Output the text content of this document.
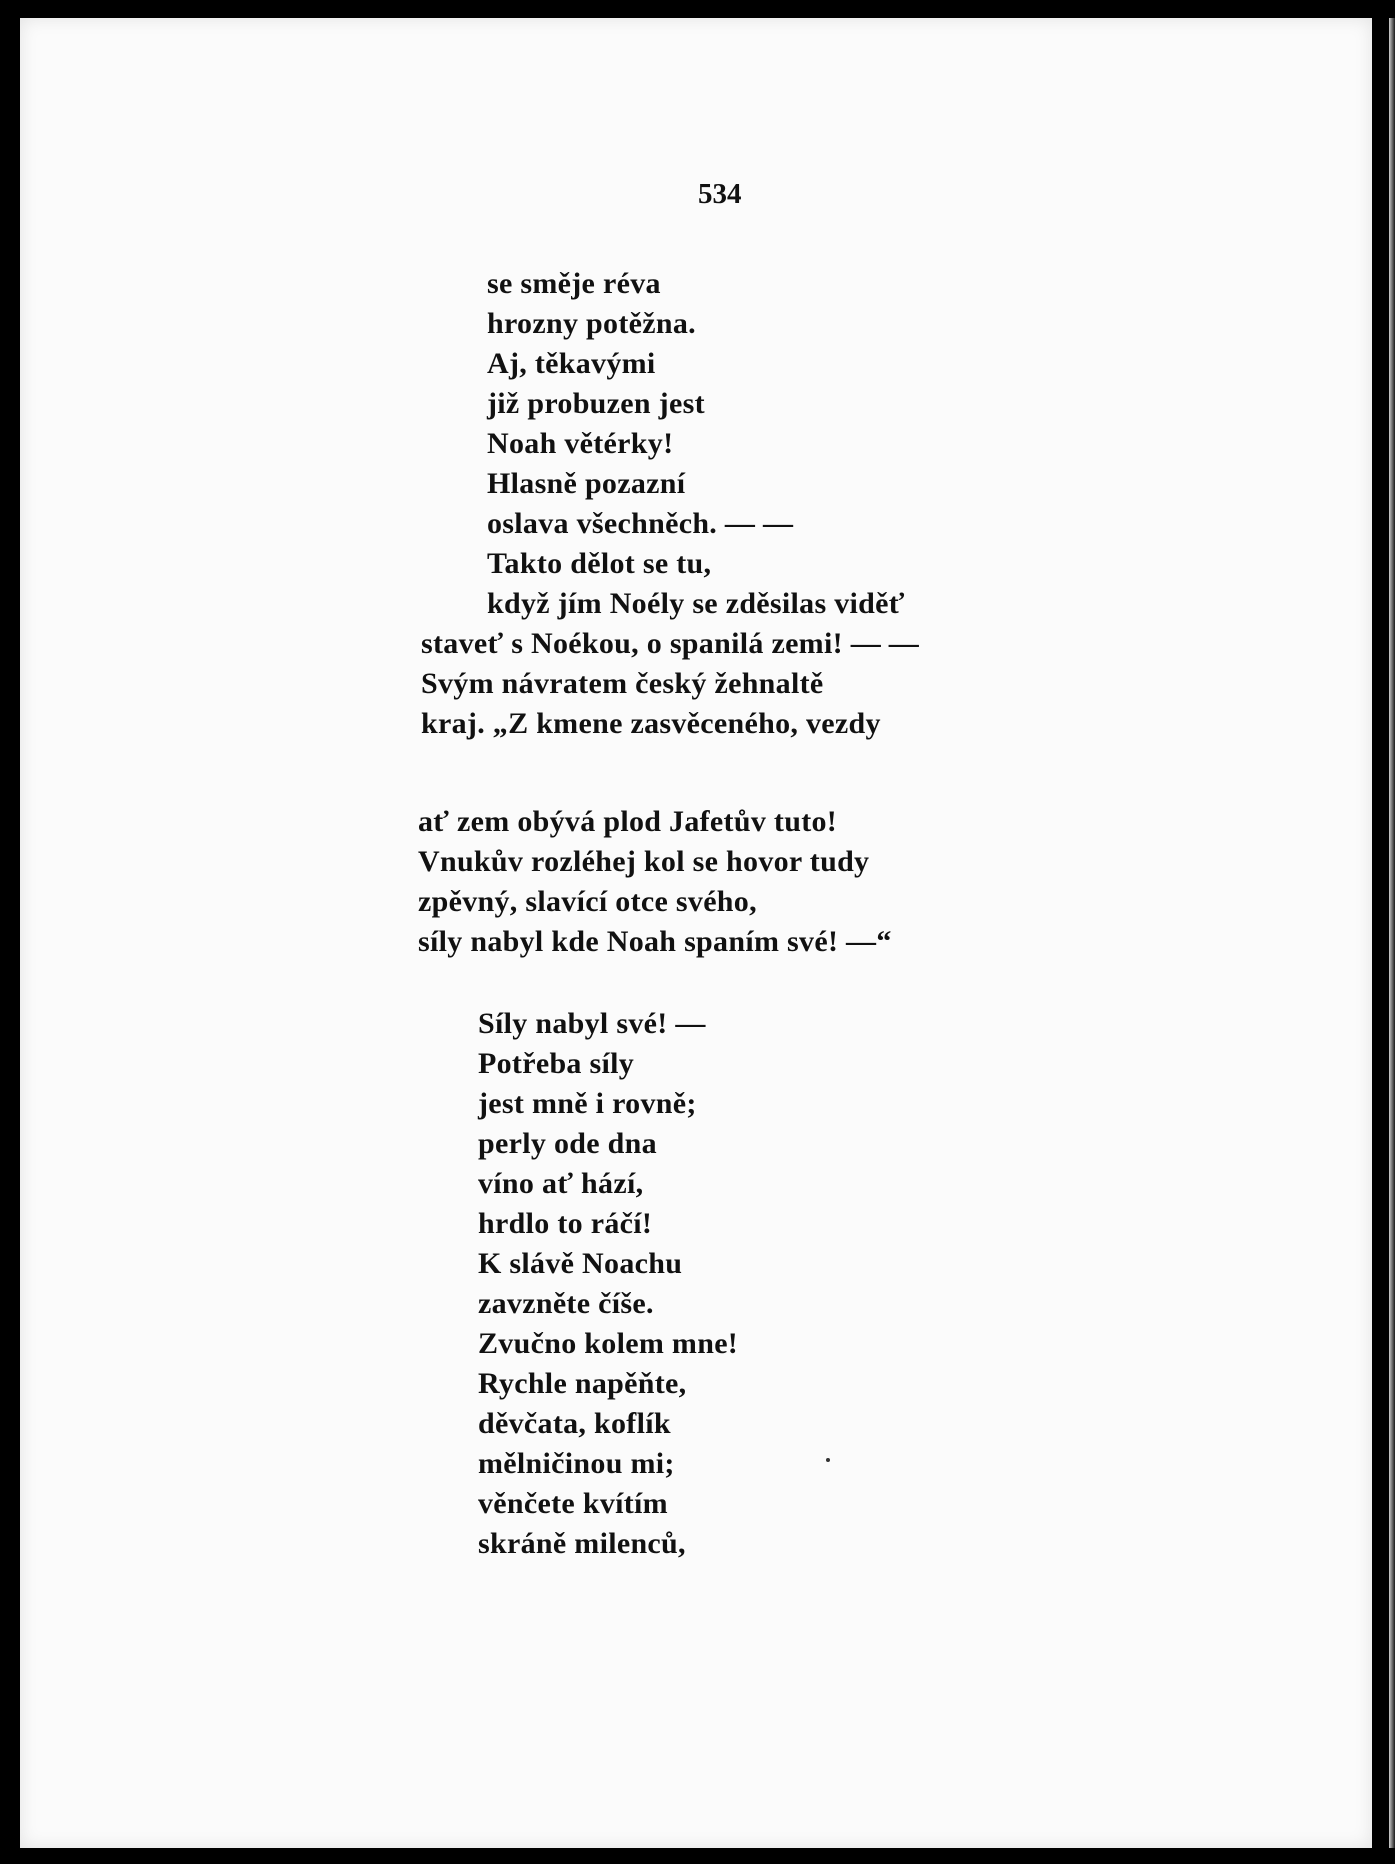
534
se směje réva
hrozny potěžna.
Aj, těkavými
již probuzen jest
Noah větérky!
Hlasně pozazní
oslava všechněch. — —
Takto dělot se tu,
když jím Noély se zděsilas viděť
staveť s Noékou, o spanilá zemi! — —
Svým návratem český žehnaltě
kraj. „Z kmene zasvěceného, vezdy
ať zem obývá plod Jafetův tuto!
Vnukův rozléhej kol se hovor tudy
zpěvný, slavící otce svého,
síly nabyl kde Noah spaním své! —“
Síly nabyl své! —
Potřeba síly
jest mně i rovně;
perly ode dna
víno ať hází,
hrdlo to ráčí!
K slávě Noachu
zavzněte číše.
Zvučno kolem mne!
Rychle napěňte,
děvčata, koflík
mělničinou mi;
věnčete kvítím
skráně milenců,
